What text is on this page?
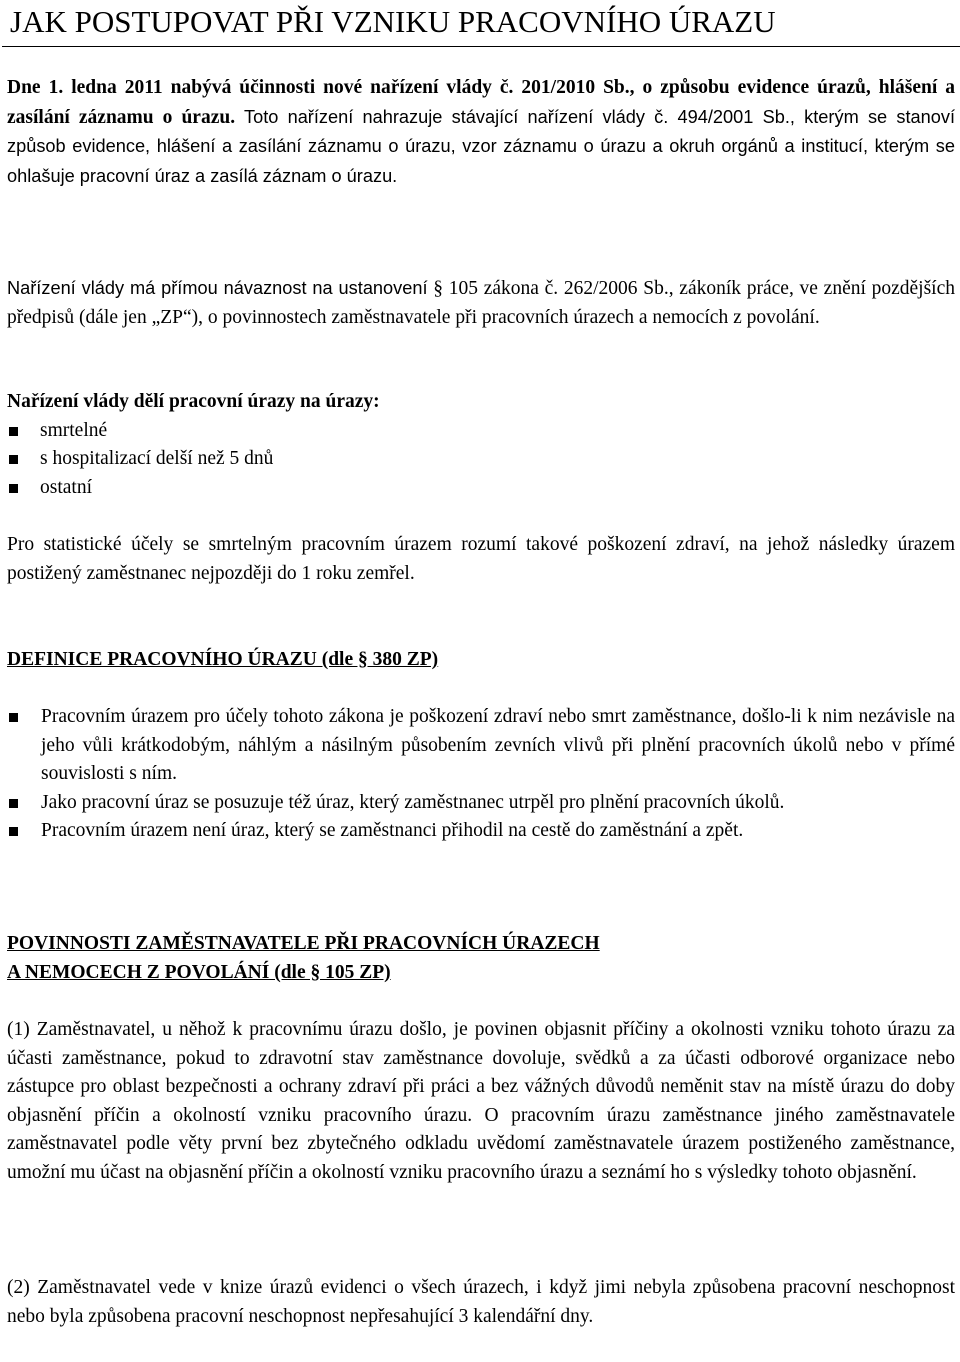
JAK POSTUPOVAT PŘI VZNIKU PRACOVNÍHO ÚRAZU
Dne 1. ledna 2011 nabývá účinnosti nové nařízení vlády č. 201/2010 Sb., o způsobu evidence úrazů, hlášení a zasílání záznamu o úrazu. Toto nařízení nahrazuje stávající nařízení vlády č. 494/2001 Sb., kterým se stanoví způsob evidence, hlášení a zasílání záznamu o úrazu, vzor záznamu o úrazu a okruh orgánů a institucí, kterým se ohlašuje pracovní úraz a zasílá záznam o úrazu.
Nařízení vlády má přímou návaznost na ustanovení § 105 zákona č. 262/2006 Sb., zákoník práce, ve znění pozdějších předpisů (dále jen „ZP“), o povinnostech zaměstnavatele při pracovních úrazech a nemocích z povolání.
Nařízení vlády dělí pracovní úrazy na úrazy:
smrtelné
s hospitalizací delší než 5 dnů
ostatní
Pro statistické účely se smrtelným pracovním úrazem rozumí takové poškození zdraví, na jehož následky úrazem postižený zaměstnanec nejpozději do 1 roku zemřel.
DEFINICE PRACOVNÍHO ÚRAZU (dle § 380 ZP)
Pracovním úrazem pro účely tohoto zákona je poškození zdraví nebo smrt zaměstnance, došlo-li k nim nezávisle na jeho vůli krátkodobým, náhlým a násilným působením zevních vlivů při plnění pracovních úkolů nebo v přímé souvislosti s ním.
Jako pracovní úraz se posuzuje též úraz, který zaměstnanec utrpěl pro plnění pracovních úkolů.
Pracovním úrazem není úraz, který se zaměstnanci přihodil na cestě do zaměstnání a zpět.
POVINNOSTI ZAMĚSTNAVATELE PŘI PRACOVNÍCH ÚRAZECH
A NEMOCECH Z POVOLÁNÍ (dle § 105 ZP)
(1) Zaměstnavatel, u něhož k pracovnímu úrazu došlo, je povinen objasnit příčiny a okolnosti vzniku tohoto úrazu za účasti zaměstnance, pokud to zdravotní stav zaměstnance dovoluje, svědků a za účasti odborové organizace nebo zástupce pro oblast bezpečnosti a ochrany zdraví při práci a bez vážných důvodů neměnit stav na místě úrazu do doby objasnění příčin a okolností vzniku pracovního úrazu. O pracovním úrazu zaměstnance jiného zaměstnavatele zaměstnavatel podle věty první bez zbytečného odkladu uvědomí zaměstnavatele úrazem postiženého zaměstnance, umožní mu účast na objasnění příčin a okolností vzniku pracovního úrazu a seznámí ho s výsledky tohoto objasnění.
(2) Zaměstnavatel vede v knize úrazů evidenci o všech úrazech, i když jimi nebyla způsobena pracovní neschopnost nebo byla způsobena pracovní neschopnost nepřesahující 3 kalendářní dny.
